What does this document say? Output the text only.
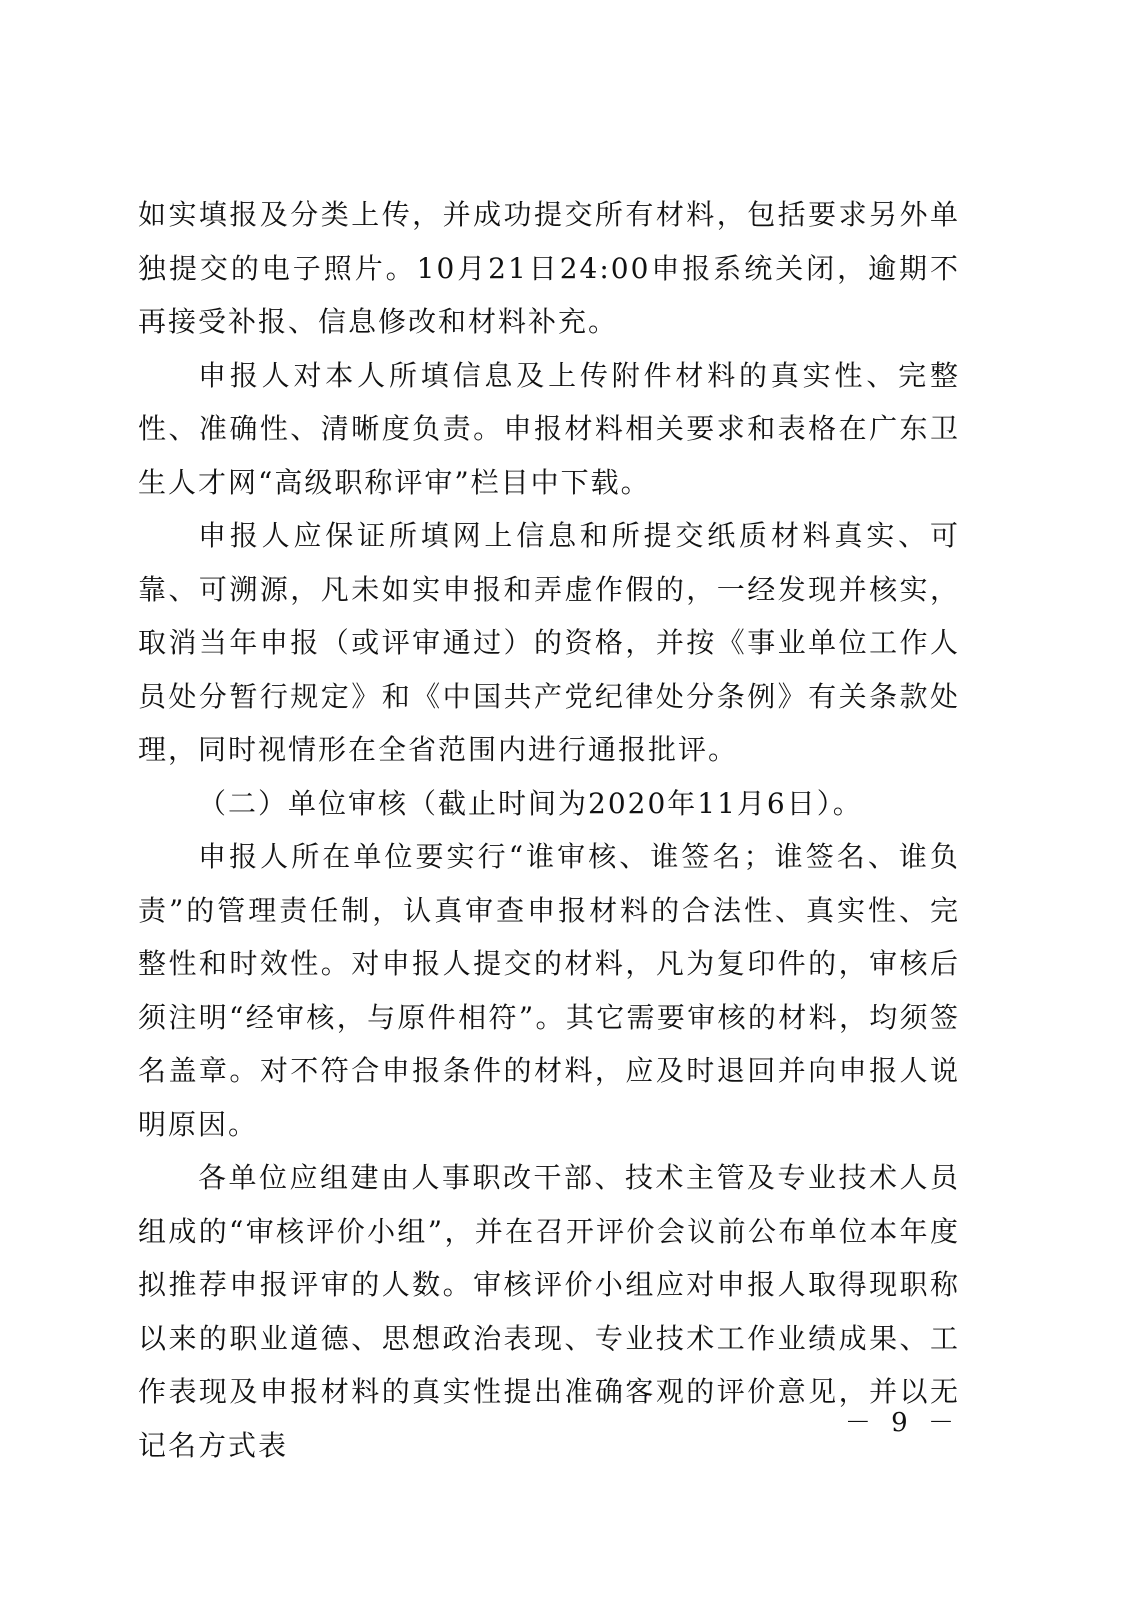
如实填报及分类上传，并成功提交所有材料，包括要求另外单独提交的电子照片。10月21日24:00申报系统关闭，逾期不再接受补报、信息修改和材料补充。

申报人对本人所填信息及上传附件材料的真实性、完整性、准确性、清晰度负责。申报材料相关要求和表格在广东卫生人才网“高级职称评审”栏目中下载。

申报人应保证所填网上信息和所提交纸质材料真实、可靠、可溯源，凡未如实申报和弄虚作假的，一经发现并核实，取消当年申报（或评审通过）的资格，并按《事业单位工作人员处分暂行规定》和《中国共产党纪律处分条例》有关条款处理，同时视情形在全省范围内进行通报批评。

（二）单位审核（截止时间为2020年11月6日）。

申报人所在单位要实行“谁审核、谁签名；谁签名、谁负责”的管理责任制，认真审查申报材料的合法性、真实性、完整性和时效性。对申报人提交的材料，凡为复印件的，审核后须注明“经审核，与原件相符”。其它需要审核的材料，均须签名盖章。对不符合申报条件的材料，应及时退回并向申报人说明原因。

各单位应组建由人事职改干部、技术主管及专业技术人员组成的“审核评价小组”，并在召开评价会议前公布单位本年度拟推荐申报评审的人数。审核评价小组应对申报人取得现职称以来的职业道德、思想政治表现、专业技术工作业绩成果、工作表现及申报材料的真实性提出准确客观的评价意见，并以无记名方式表

－ 9 －
